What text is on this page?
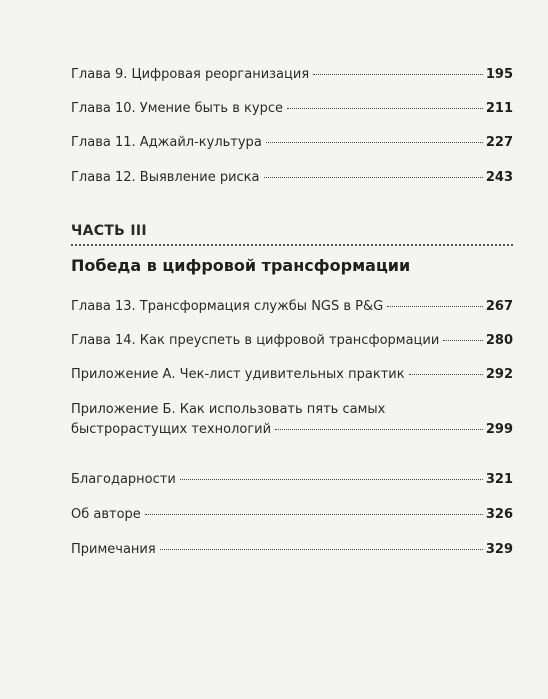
Глава 9. Цифровая реорганизация	195
Глава 10. Умение быть в курсе	211
Глава 11. Аджайл-культура	227
Глава 12. Выявление риска	243
ЧАСТЬ III
Победа в цифровой трансформации
Глава 13. Трансформация службы NGS в P&G	267
Глава 14. Как преуспеть в цифровой трансформации	280
Приложение А. Чек-лист удивительных практик	292
Приложение Б. Как использовать пять самых
быстрорастущих технологий	299
Благодарности	321
Об авторе	326
Примечания	329
